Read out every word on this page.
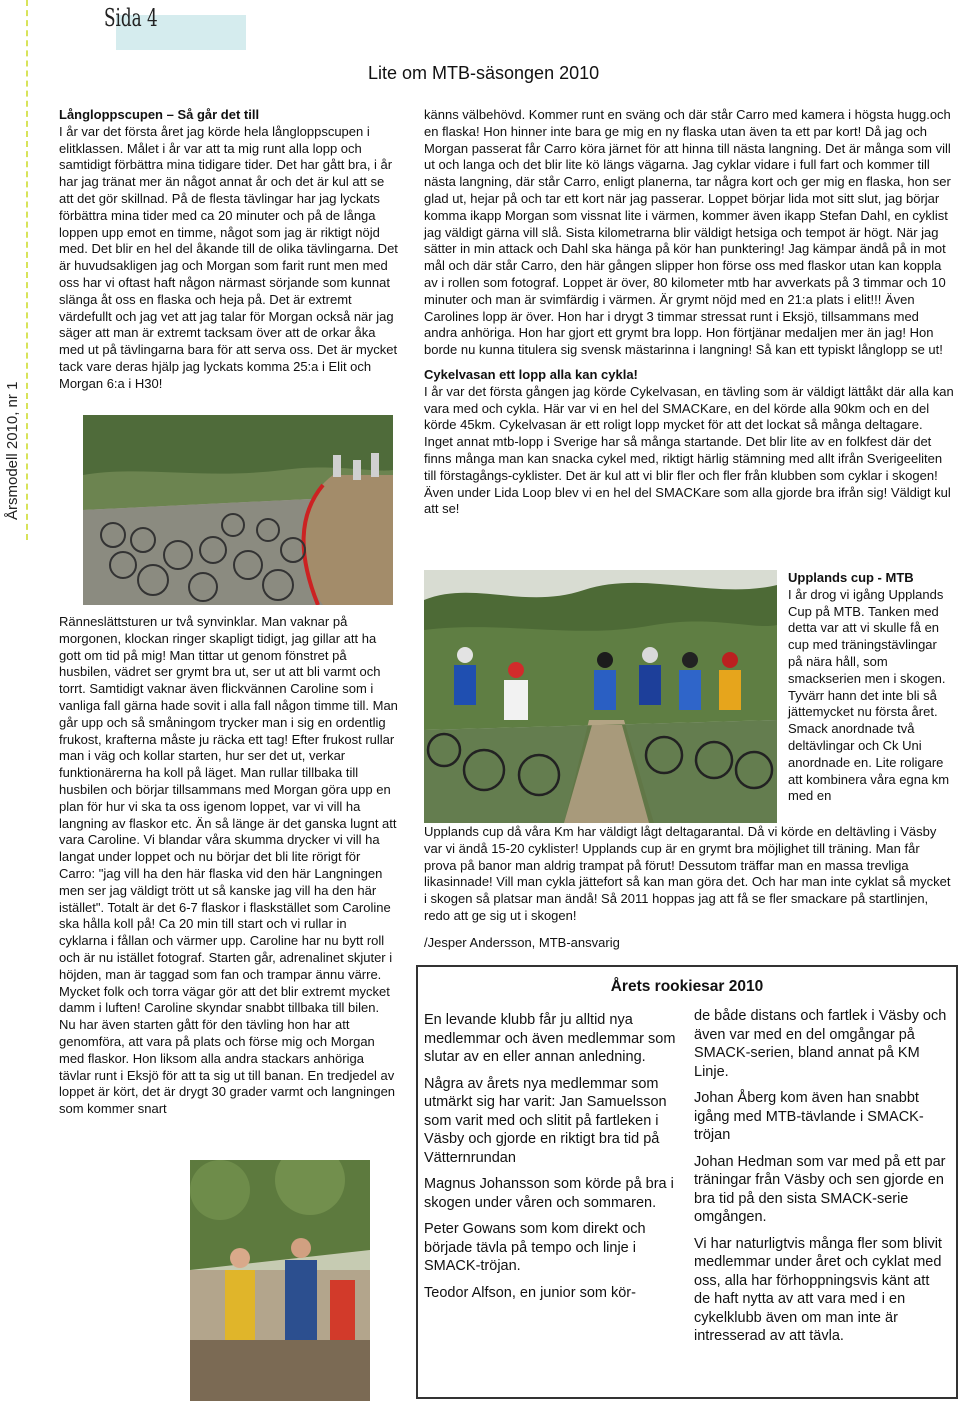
Årsmodell 2010, nr 1
Sida 4
Lite om MTB-säsongen 2010

Långloppscupen – Så går det till

I år var det första året jag körde hela långloppscupen i elitklassen. Målet i år var att ta mig runt alla lopp och samtidigt förbättra mina tidigare tider. Det har gått bra, i år har jag tränat mer än något annat år och det är kul att se att det gör skillnad. På de flesta tävlingar har jag lyckats förbättra mina tider med ca 20 minuter och på de långa loppen upp emot en timme, något som jag är riktigt nöjd med. Det blir en hel del åkande till de olika tävlingarna. Det är huvudsakligen jag och Morgan som farit runt men med oss har vi oftast haft någon närmast sörjande som kunnat slänga åt oss en flaska och heja på. Det är extremt värdefullt och jag vet att jag talar för Morgan också när jag säger att man är extremt tacksam över att de orkar åka med ut på tävlingarna bara för att serva oss. Det är mycket tack vare deras hjälp jag lyckats komma 25:a i Elit och Morgan 6:a i H30!

Ränneslättsturen ur två synvinklar. Man vaknar på morgonen, klockan ringer skapligt tidigt, jag gillar att ha gott om tid på mig! Man tittar ut genom fönstret på husbilen, vädret ser grymt bra ut, ser ut att bli varmt och torrt. Samtidigt vaknar även flickvännen Caroline som i vanliga fall gärna hade sovit i alla fall någon timme till. Man går upp och så småningom trycker man i sig en ordentlig frukost, krafterna måste ju räcka ett tag! Efter frukost rullar man i väg och kollar starten, hur ser det ut, verkar funktionärerna ha koll på läget. Man rullar tillbaka till husbilen och börjar tillsammans med Morgan göra upp en plan för hur vi ska ta oss igenom loppet, var vi vill ha langning av flaskor etc. Än så länge är det ganska lugnt att vara Caroline. Vi blandar våra skumma drycker vi vill ha langat under loppet och nu börjar det bli lite rörigt för Carro: "jag vill ha den här flaska vid den här Langningen men ser jag väldigt trött ut så kanske jag vill ha den här istället". Totalt är det 6-7 flaskor i flaskstället som Caroline ska hålla koll på! Ca 20 min till start och vi rullar in cyklarna i fållan och värmer upp. Caroline har nu bytt roll och är nu istället fotograf. Starten går, adrenalinet skjuter i höjden, man är taggad som fan och trampar ännu värre. Mycket folk och torra vägar gör att det blir extremt mycket damm i luften! Caroline skyndar snabbt tillbaka till bilen. Nu har även starten gått för den tävling hon har att genomföra, att vara på plats och förse mig och Morgan med flaskor. Hon liksom alla andra stackars anhöriga tävlar runt i Eksjö för att ta sig ut till banan. En tredjedel av loppet är kört, det är drygt 30 grader varmt och langningen som kommer snart

känns välbehövd. Kommer runt en sväng och där står Carro med kamera i högsta hugg.och en flaska! Hon hinner inte bara ge mig en ny flaska utan även ta ett par kort! Då jag och Morgan passerat får Carro köra järnet för att hinna till nästa langning. Det är många som vill ut och langa och det blir lite kö längs vägarna. Jag cyklar vidare i full fart och kommer till nästa langning, där står Carro, enligt planerna, tar några kort och ger mig en flaska, hon ser glad ut, hejar på och tar ett kort när jag passerar. Loppet börjar lida mot sitt slut, jag börjar komma ikapp Morgan som vissnat lite i värmen, kommer även ikapp Stefan Dahl, en cyklist jag väldigt gärna vill slå. Sista kilometrarna blir väldigt hetsiga och tempot är högt. När jag sätter in min attack och Dahl ska hänga på kör han punktering! Jag kämpar ändå på in mot mål och där står Carro, den här gången slipper hon förse oss med flaskor utan kan koppla av i rollen som fotograf. Loppet är över, 80 kilometer mtb har avverkats på 3 timmar och 10 minuter och man är svimfärdig i värmen. Är grymt nöjd med en 21:a plats i elit!!! Även Carolines lopp är över. Hon har i drygt 3 timmar stressat runt i Eksjö, tillsammans med andra anhöriga. Hon har gjort ett grymt bra lopp. Hon förtjänar medaljen mer än jag! Hon borde nu kunna titulera sig svensk mästarinna i langning! Så kan ett typiskt långlopp se ut!

Cykelvasan ett lopp alla kan cykla!

I år var det första gången jag körde Cykelvasan, en tävling som är väldigt lättåkt där alla kan vara med och cykla. Här var vi en hel del SMACKare, en del körde alla 90km och en del körde 45km. Cykelvasan är ett roligt lopp mycket för att det lockat så många deltagare. Inget annat mtb-lopp i Sverige har så många startande. Det blir lite av en folkfest där det finns många man kan snacka cykel med, riktigt härlig stämning med allt ifrån Sverigeeliten till förstagångs-cyklister. Det är kul att vi blir fler och fler från klubben som cyklar i skogen! Även under Lida Loop blev vi en hel del SMACKare som alla gjorde bra ifrån sig! Väldigt kul att se!

Upplands cup - MTB

I år drog vi igång Upplands Cup på MTB. Tanken med detta var att vi skulle få en cup med träningstävlingar på nära håll, som smackserien men i skogen. Tyvärr hann det inte bli så jättemycket nu första året. Smack anordnade två deltävlingar och Ck Uni anordnade en. Lite roligare att kombinera våra egna km med en

Upplands cup då våra Km har väldigt lågt deltagarantal. Då vi körde en deltävling i Väsby var vi ändå 15-20 cyklister! Upplands cup är en grymt bra möjlighet till träning. Man får prova på banor man aldrig trampat på förut! Dessutom träffar man en massa trevliga likasinnade! Vill man cykla jättefort så kan man göra det. Och har man inte cyklat så mycket i skogen så platsar man ändå! Så 2011 hoppas jag att få se fler smackare på startlinjen, redo att ge sig ut i skogen!

/Jesper Andersson, MTB-ansvarig

Årets rookiesar 2010

En levande klubb får ju alltid nya medlemmar och även medlemmar som slutar av en eller annan anledning.

Några av årets nya medlemmar som utmärkt sig har varit: Jan Samuelsson som varit med och slitit på fartleken i Väsby och gjorde en riktigt bra tid på Vätternrundan

Magnus Johansson som körde på bra i skogen under våren och sommaren.

Peter Gowans som kom direkt och började tävla på tempo och linje i SMACK-tröjan.

Teodor Alfson, en junior som kör-

de både distans och fartlek i Väsby och även var med en del omgångar på SMACK-serien, bland annat på KM Linje.

Johan Åberg kom även han snabbt igång med MTB-tävlande i SMACK-tröjan

Johan Hedman som var med på ett par träningar från Väsby och sen gjorde en bra tid på den sista SMACK-serie omgången.

Vi har naturligtvis många fler som blivit medlemmar under året och cyklat med oss, alla har förhoppningsvis känt att de haft nytta av att vara med i en cykelklubb även om man inte är intresserad av att tävla.
